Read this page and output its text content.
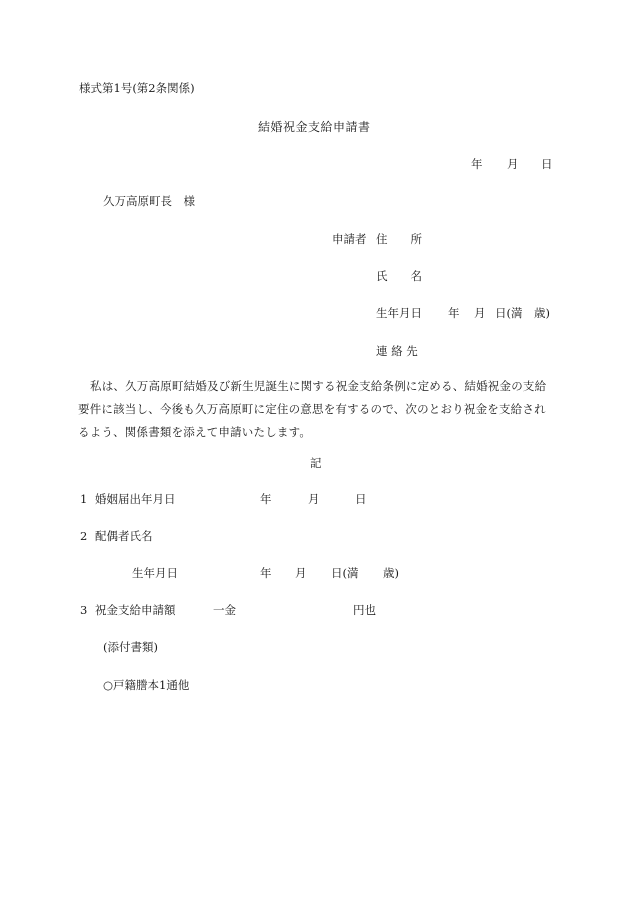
様式第1号(第2条関係)
結婚祝金支給申請書
年 月 日
久万高原町長　様
申請者 住　　所
氏　　名
生年月日 年 月 日(満 歳)
連 絡 先
私は、久万高原町結婚及び新生児誕生に関する祝金支給条例に定める、結婚祝金の支給要件に該当し、今後も久万高原町に定住の意思を有するので、次のとおり祝金を支給されるよう、関係書類を添えて申請いたします。
記
1 婚姻届出年月日	年	月	日
2 配偶者氏名
生年月日	年 月 日(満 歳)
3 祝金支給申請額	一金	円也
(添付書類)
○戸籍謄本1通他
